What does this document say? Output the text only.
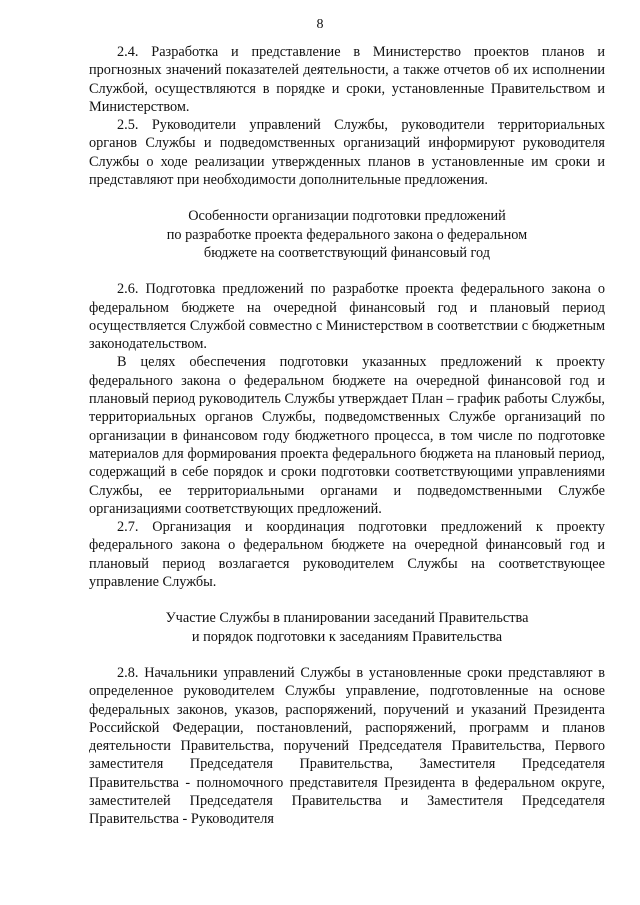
8

2.4. Разработка и представление в Министерство проектов планов и прогнозных значений показателей деятельности, а также отчетов об их исполнении Службой, осуществляются в порядке и сроки, установленные Правительством и Министерством.

2.5. Руководители управлений Службы, руководители территориальных органов Службы и подведомственных организаций информируют руководителя Службы о ходе реализации утвержденных планов в установленные им сроки и представляют при необходимости дополнительные предложения.

Особенности организации подготовки предложений
по разработке проекта федерального закона о федеральном
бюджете на соответствующий финансовый год

2.6. Подготовка предложений по разработке проекта федерального закона о федеральном бюджете на очередной финансовый год и плановый период осуществляется Службой совместно с Министерством в соответствии с бюджетным законодательством.

В целях обеспечения подготовки указанных предложений к проекту федерального закона о федеральном бюджете на очередной финансовой год и плановый период руководитель Службы утверждает План – график работы Службы, территориальных органов Службы, подведомственных Службе организаций по организации в финансовом году бюджетного процесса, в том числе по подготовке материалов для формирования проекта федерального бюджета на плановый период, содержащий в себе порядок и сроки подготовки соответствующими управлениями Службы, ее территориальными органами и подведомственными Службе организациями соответствующих предложений.

2.7. Организация и координация подготовки предложений к проекту федерального закона о федеральном бюджете на очередной финансовый год и плановый период возлагается руководителем Службы на соответствующее управление Службы.

Участие Службы в планировании заседаний Правительства
и порядок подготовки к заседаниям Правительства

2.8. Начальники управлений Службы в установленные сроки представляют в определенное руководителем Службы управление, подготовленные на основе федеральных законов, указов, распоряжений, поручений и указаний Президента Российской Федерации, постановлений, распоряжений, программ и планов деятельности Правительства, поручений Председателя Правительства, Первого заместителя Председателя Правительства, Заместителя Председателя Правительства - полномочного представителя Президента в федеральном округе, заместителей Председателя Правительства и Заместителя Председателя Правительства - Руководителя
